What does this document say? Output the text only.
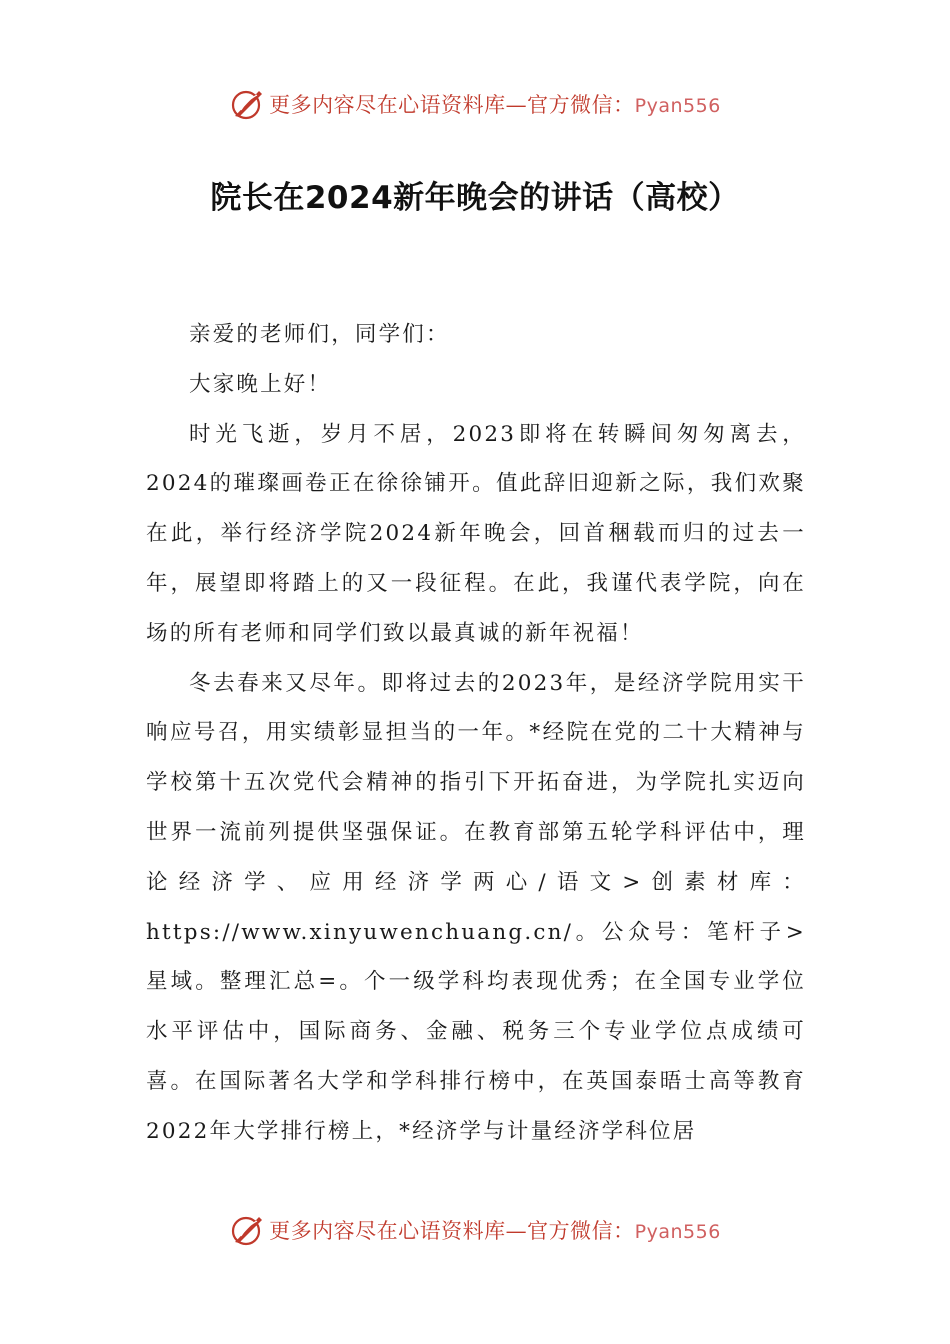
更多内容尽在心语资料库—官方微信：Pyan556
院长在2024新年晚会的讲话（高校）

亲爱的老师们，同学们：

大家晚上好！

时光飞逝，岁月不居，2023即将在转瞬间匆匆离去，2024的璀璨画卷正在徐徐铺开。值此辞旧迎新之际，我们欢聚在此，举行经济学院2024新年晚会，回首稇载而归的过去一年，展望即将踏上的又一段征程。在此，我谨代表学院，向在场的所有老师和同学们致以最真诚的新年祝福！

冬去春来又尽年。即将过去的2023年，是经济学院用实干响应号召，用实绩彰显担当的一年。*经院在党的二十大精神与学校第十五次党代会精神的指引下开拓奋进，为学院扎实迈向世界一流前列提供坚强保证。在教育部第五轮学科评估中，理论经济学、应用经济学两心/语文>创素材库：https://www.xinyuwenchuang.cn/。公众号：笔杆子>星域。整理汇总=。个一级学科均表现优秀；在全国专业学位水平评估中，国际商务、金融、税务三个专业学位点成绩可喜。在国际著名大学和学科排行榜中，在英国泰晤士高等教育2022年大学排行榜上，*经济学与计量经济学科位居

更多内容尽在心语资料库—官方微信：Pyan556
